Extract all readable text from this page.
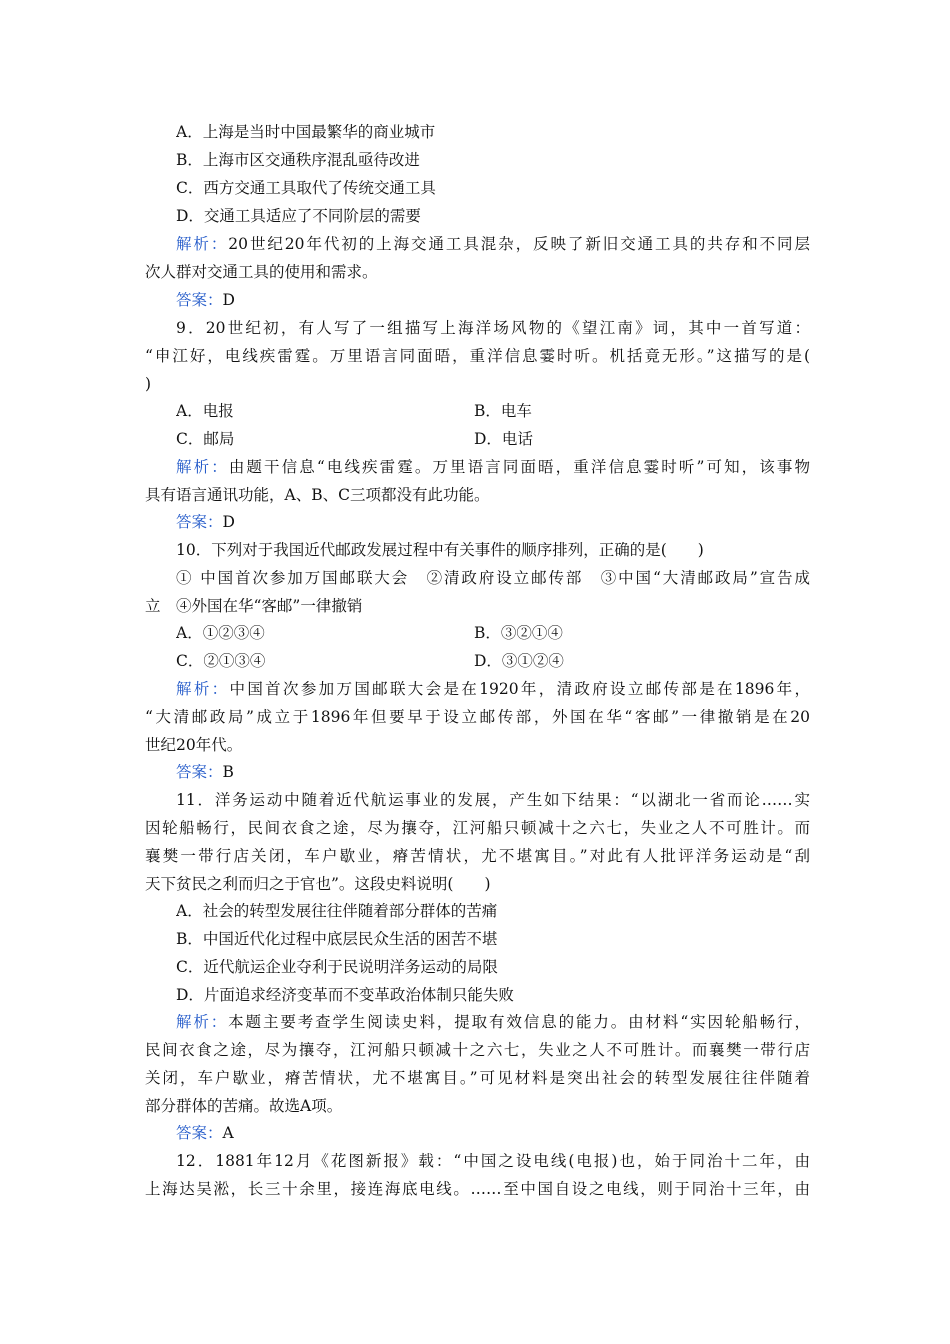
A．上海是当时中国最繁华的商业城市
B．上海市区交通秩序混乱亟待改进
C．西方交通工具取代了传统交通工具
D．交通工具适应了不同阶层的需要
解析：20世纪20年代初的上海交通工具混杂，反映了新旧交通工具的共存和不同层
次人群对交通工具的使用和需求。
答案：D
9．20世纪初，有人写了一组描写上海洋场风物的《望江南》词，其中一首写道：
“申江好，电线疾雷霆。万里语言同面晤，重洋信息霎时听。机括竟无形。”这描写的是(
)
A．电报	B．电车
C．邮局	D．电话
解析：由题干信息“电线疾雷霆。万里语言同面晤，重洋信息霎时听”可知，该事物
具有语言通讯功能，A、B、C三项都没有此功能。
答案：D
10．下列对于我国近代邮政发展过程中有关事件的顺序排列，正确的是(　　)
① 中国首次参加万国邮联大会　②清政府设立邮传部　③中国“大清邮政局”宣告成
立　④外国在华“客邮”一律撤销
A．①②③④	B．③②①④
C．②①③④	D．③①②④
解析：中国首次参加万国邮联大会是在1920年，清政府设立邮传部是在1896年，
“大清邮政局”成立于1896年但要早于设立邮传部，外国在华“客邮”一律撤销是在20
世纪20年代。
答案：B
11．洋务运动中随着近代航运事业的发展，产生如下结果：“以湖北一省而论……实
因轮船畅行，民间衣食之途，尽为攘夺，江河船只顿减十之六七，失业之人不可胜计。而
襄樊一带行店关闭，车户歇业，瘠苦情状，尤不堪寓目。”对此有人批评洋务运动是“刮
天下贫民之利而归之于官也”。这段史料说明(　　)
A．社会的转型发展往往伴随着部分群体的苦痛
B．中国近代化过程中底层民众生活的困苦不堪
C．近代航运企业夺利于民说明洋务运动的局限
D．片面追求经济变革而不变革政治体制只能失败
解析：本题主要考查学生阅读史料，提取有效信息的能力。由材料“实因轮船畅行，
民间衣食之途，尽为攘夺，江河船只顿减十之六七，失业之人不可胜计。而襄樊一带行店
关闭，车户歇业，瘠苦情状，尤不堪寓目。”可见材料是突出社会的转型发展往往伴随着
部分群体的苦痛。故选A项。
答案：A
12．1881年12月《花图新报》载：“中国之设电线(电报)也，始于同治十二年，由
上海达吴淞，长三十余里，接连海底电线。……至中国自设之电线，则于同治十三年，由
